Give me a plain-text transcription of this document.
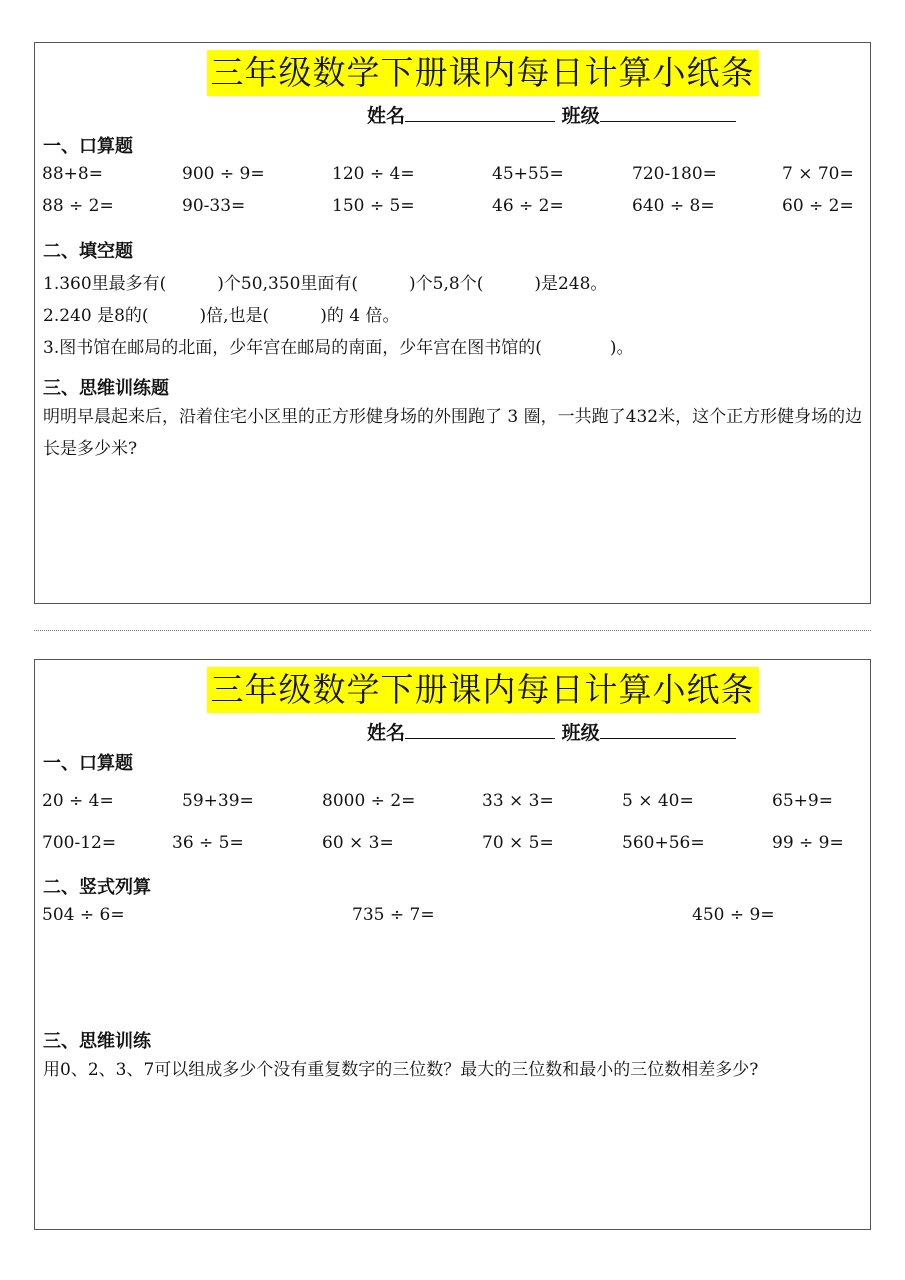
三年级数学下册课内每日计算小纸条
姓名	班级
一、口算题
88+8=	900 ÷ 9=	120 ÷ 4=	45+55=	720-180=	7 × 70=
88 ÷ 2=	90-33=	150 ÷ 5=	46 ÷ 2=	640 ÷ 8=	60 ÷ 2=
二、填空题
1.360里最多有(　　　)个50,350里面有(　　　)个5,8个(　　　)是248。
2.240 是8的(　　　)倍,也是(　　　)的 4 倍。
3.图书馆在邮局的北面，少年宫在邮局的南面，少年宫在图书馆的(　　　　)。
三、思维训练题
明明早晨起来后，沿着住宅小区里的正方形健身场的外围跑了 3 圈，一共跑了432米，这个正方形健身场的边长是多少米?
三年级数学下册课内每日计算小纸条
姓名	班级
一、口算题
20 ÷ 4=	59+39=	8000 ÷ 2=	33 × 3=	5 × 40=	65+9=
700-12=	36 ÷ 5=	60 × 3=	70 × 5=	560+56=	99 ÷ 9=
二、竖式列算
504 ÷ 6=	735 ÷ 7=	450 ÷ 9=
三、思维训练
用0、2、3、7可以组成多少个没有重复数字的三位数？最大的三位数和最小的三位数相差多少?
